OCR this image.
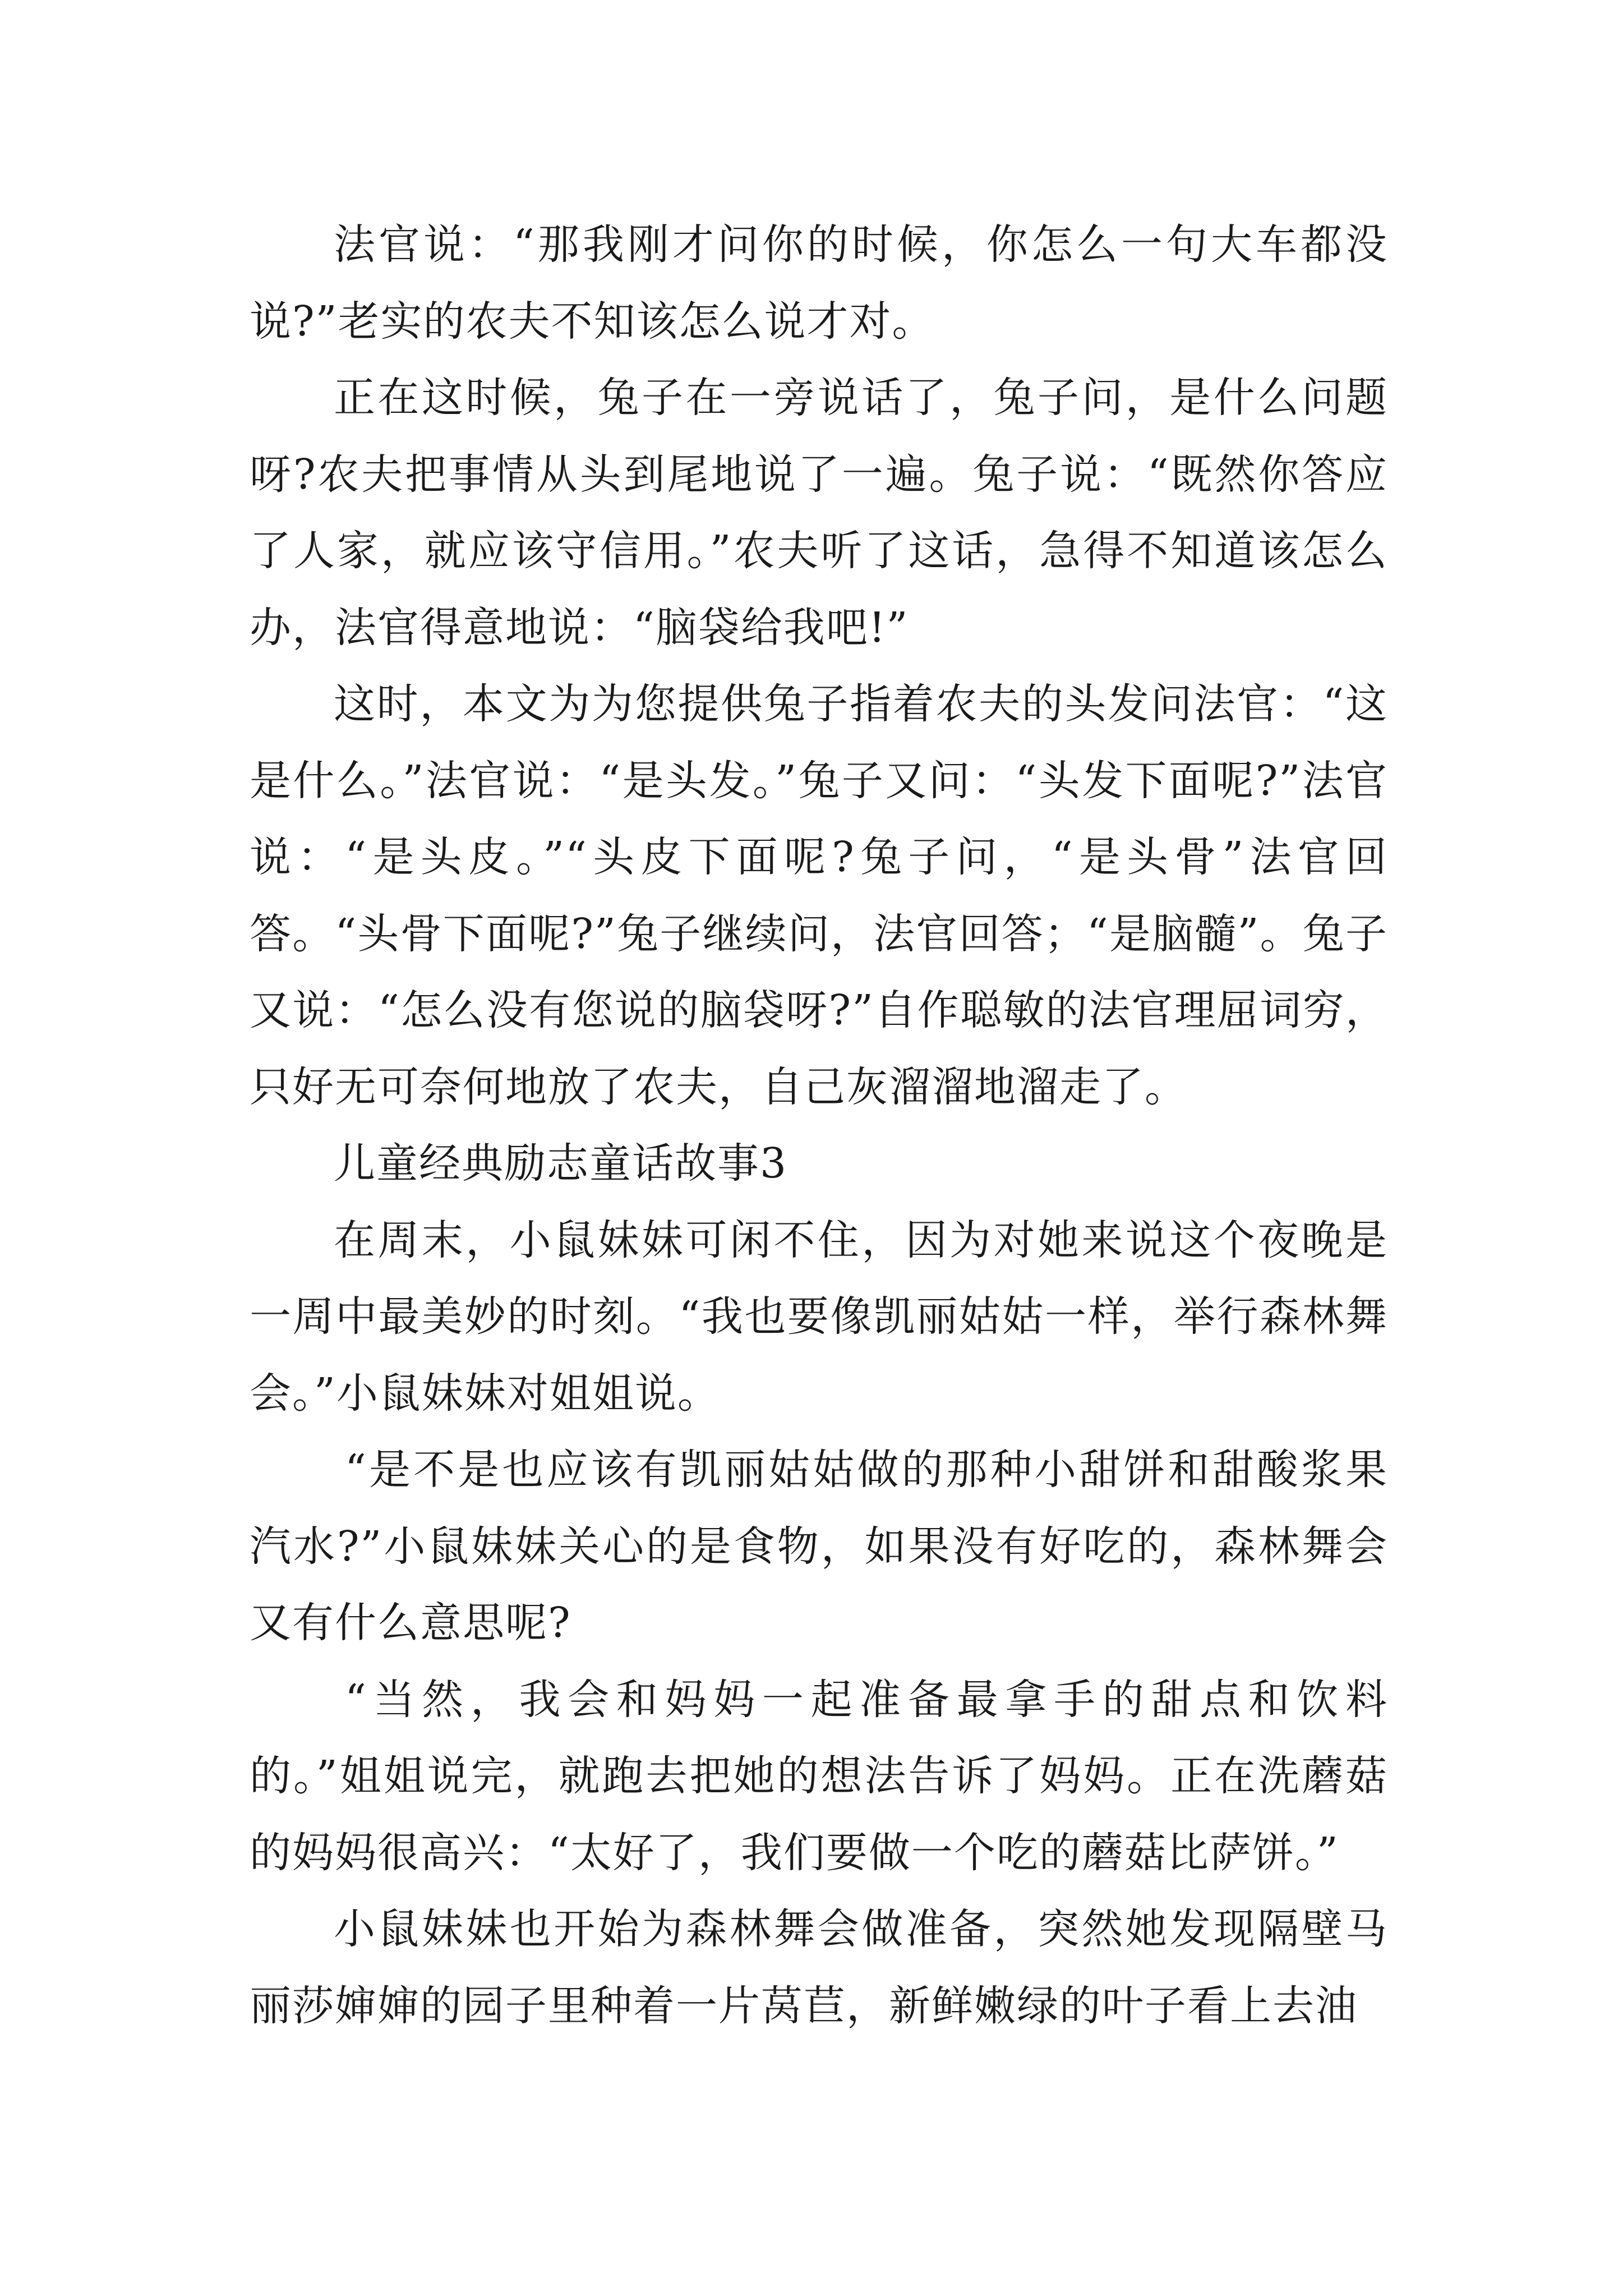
法官说：“那我刚才问你的时候，你怎么一句大车都没说?”老实的农夫不知该怎么说才对。

正在这时候，兔子在一旁说话了，兔子问，是什么问题呀?农夫把事情从头到尾地说了一遍。兔子说：“既然你答应了人家，就应该守信用。”农夫听了这话，急得不知道该怎么办，法官得意地说：“脑袋给我吧!”

这时，本文为为您提供兔子指着农夫的头发问法官：“这是什么。”法官说：“是头发。”兔子又问：“头发下面呢?”法官说：“是头皮。”“头皮下面呢?兔子问，“是头骨”法官回答。“头骨下面呢?”兔子继续问，法官回答；“是脑髓”。兔子又说：“怎么没有您说的脑袋呀?”自作聪敏的法官理屈词穷，只好无可奈何地放了农夫，自己灰溜溜地溜走了。

儿童经典励志童话故事3

在周末，小鼠妹妹可闲不住，因为对她来说这个夜晚是一周中最美妙的时刻。“我也要像凯丽姑姑一样，举行森林舞会。”小鼠妹妹对姐姐说。

“是不是也应该有凯丽姑姑做的那种小甜饼和甜酸浆果汽水?”小鼠妹妹关心的是食物，如果没有好吃的，森林舞会又有什么意思呢?

“当然，我会和妈妈一起准备最拿手的甜点和饮料的。”姐姐说完，就跑去把她的想法告诉了妈妈。正在洗蘑菇的妈妈很高兴：“太好了，我们要做一个吃的蘑菇比萨饼。”

小鼠妹妹也开始为森林舞会做准备，突然她发现隔壁马丽莎婶婶的园子里种着一片莴苣，新鲜嫩绿的叶子看上去油
